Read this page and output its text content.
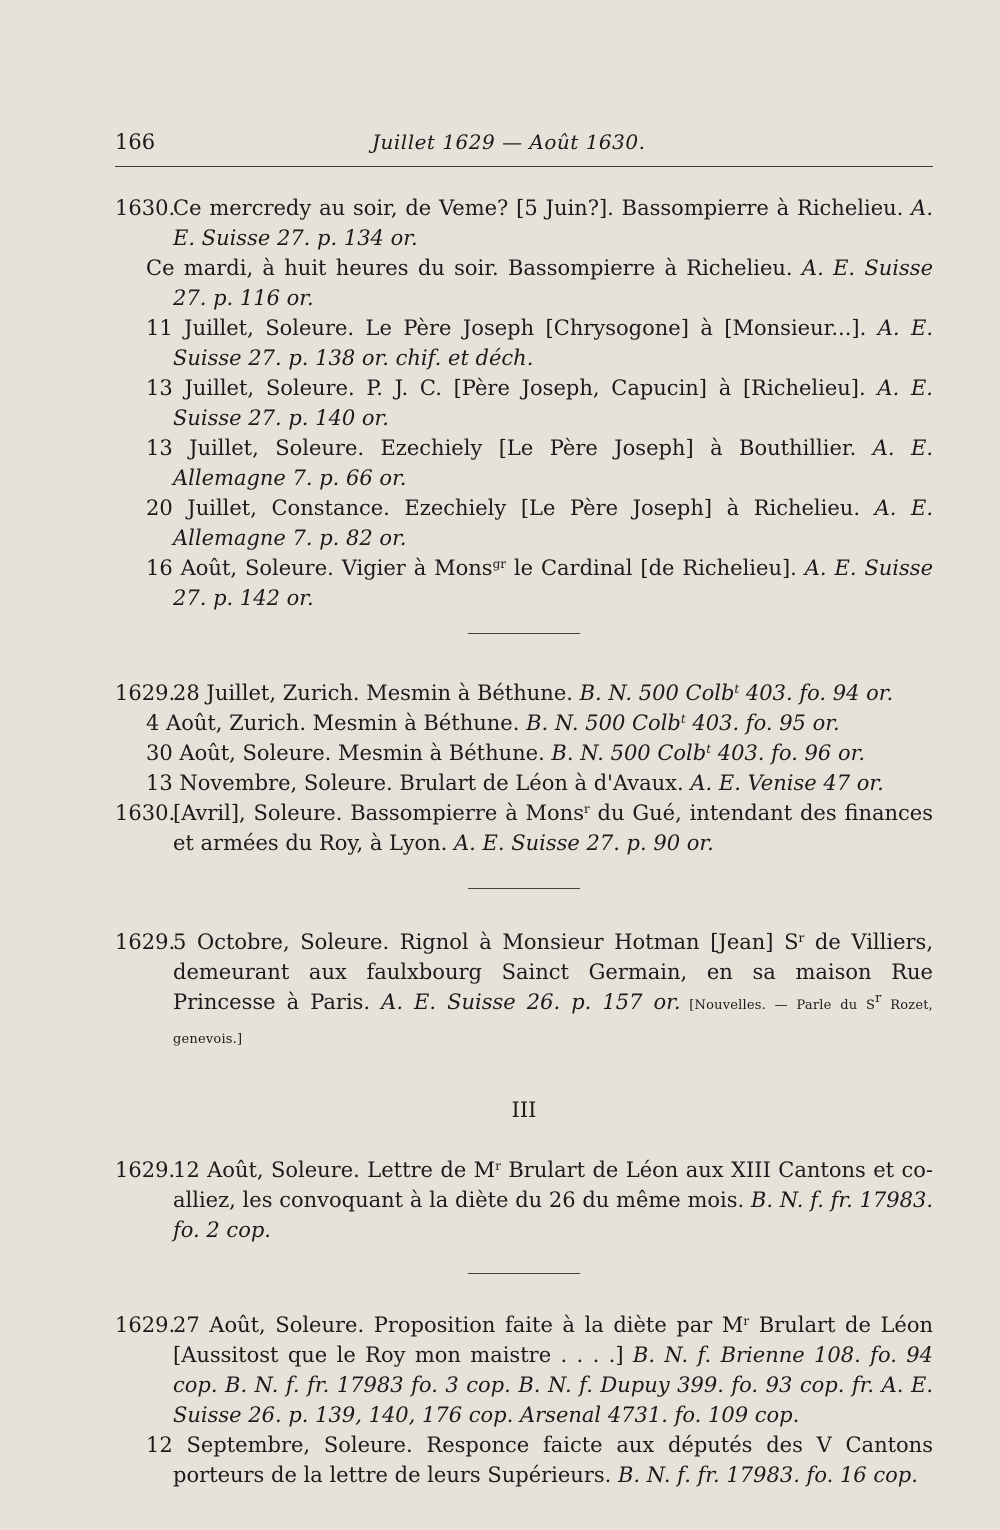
166	Juillet 1629 — Août 1630.

1630.Ce mercredy au soir, de Veme? [5 Juin?]. Bassompierre à Richelieu. A. E. Suisse 27. p. 134 or.

Ce mardi, à huit heures du soir. Bassompierre à Richelieu. A. E. Suisse 27. p. 116 or.

11 Juillet, Soleure. Le Père Joseph [Chrysogone] à [Monsieur...]. A. E. Suisse 27. p. 138 or. chif. et déch.

13 Juillet, Soleure. P. J. C. [Père Joseph, Capucin] à [Richelieu]. A. E. Suisse 27. p. 140 or.

13 Juillet, Soleure. Ezechiely [Le Père Joseph] à Bouthillier. A. E. Allemagne 7. p. 66 or.

20 Juillet, Constance. Ezechiely [Le Père Joseph] à Richelieu. A. E. Allemagne 7. p. 82 or.

16 Août, Soleure. Vigier à Mons$^{gr}$ le Cardinal [de Richelieu]. A. E. Suisse 27. p. 142 or.

1629.28 Juillet, Zurich. Mesmin à Béthune. B. N. 500 Colb$^t$ 403. fo. 94 or.

4 Août, Zurich. Mesmin à Béthune. B. N. 500 Colb$^t$ 403. fo. 95 or.

30 Août, Soleure. Mesmin à Béthune. B. N. 500 Colb$^t$ 403. fo. 96 or.

13 Novembre, Soleure. Brulart de Léon à d'Avaux. A. E. Venise 47 or.

1630.[Avril], Soleure. Bassompierre à Mons$^r$ du Gué, intendant des finances et armées du Roy, à Lyon. A. E. Suisse 27. p. 90 or.

1629.5 Octobre, Soleure. Rignol à Monsieur Hotman [Jean] $S^r$ de Villiers, demeurant aux faulxbourg Sainct Germain, en sa maison Rue Princesse à Paris. A. E. Suisse 26. p. 157 or. [Nouvelles. — Parle du S$^r$ Rozet, genevois.]

III

1629.12 Août, Soleure. Lettre de $M^r$ Brulart de Léon aux XIII Cantons et co-alliez, les convoquant à la diète du 26 du même mois. B. N. f. fr. 17983. fo. 2 cop.

1629.27 Août, Soleure. Proposition faite à la diète par $M^r$ Brulart de Léon [Aussitost que le Roy mon maistre . . . .] B. N. f. Brienne 108. fo. 94 cop. B. N. f. fr. 17983 fo. 3 cop. B. N. f. Dupuy 399. fo. 93 cop. fr. A. E. Suisse 26. p. 139, 140, 176 cop. Arsenal 4731. fo. 109 cop.

12 Septembre, Soleure. Responce faicte aux députés des V Cantons porteurs de la lettre de leurs Supérieurs. B. N. f. fr. 17983. fo. 16 cop.
